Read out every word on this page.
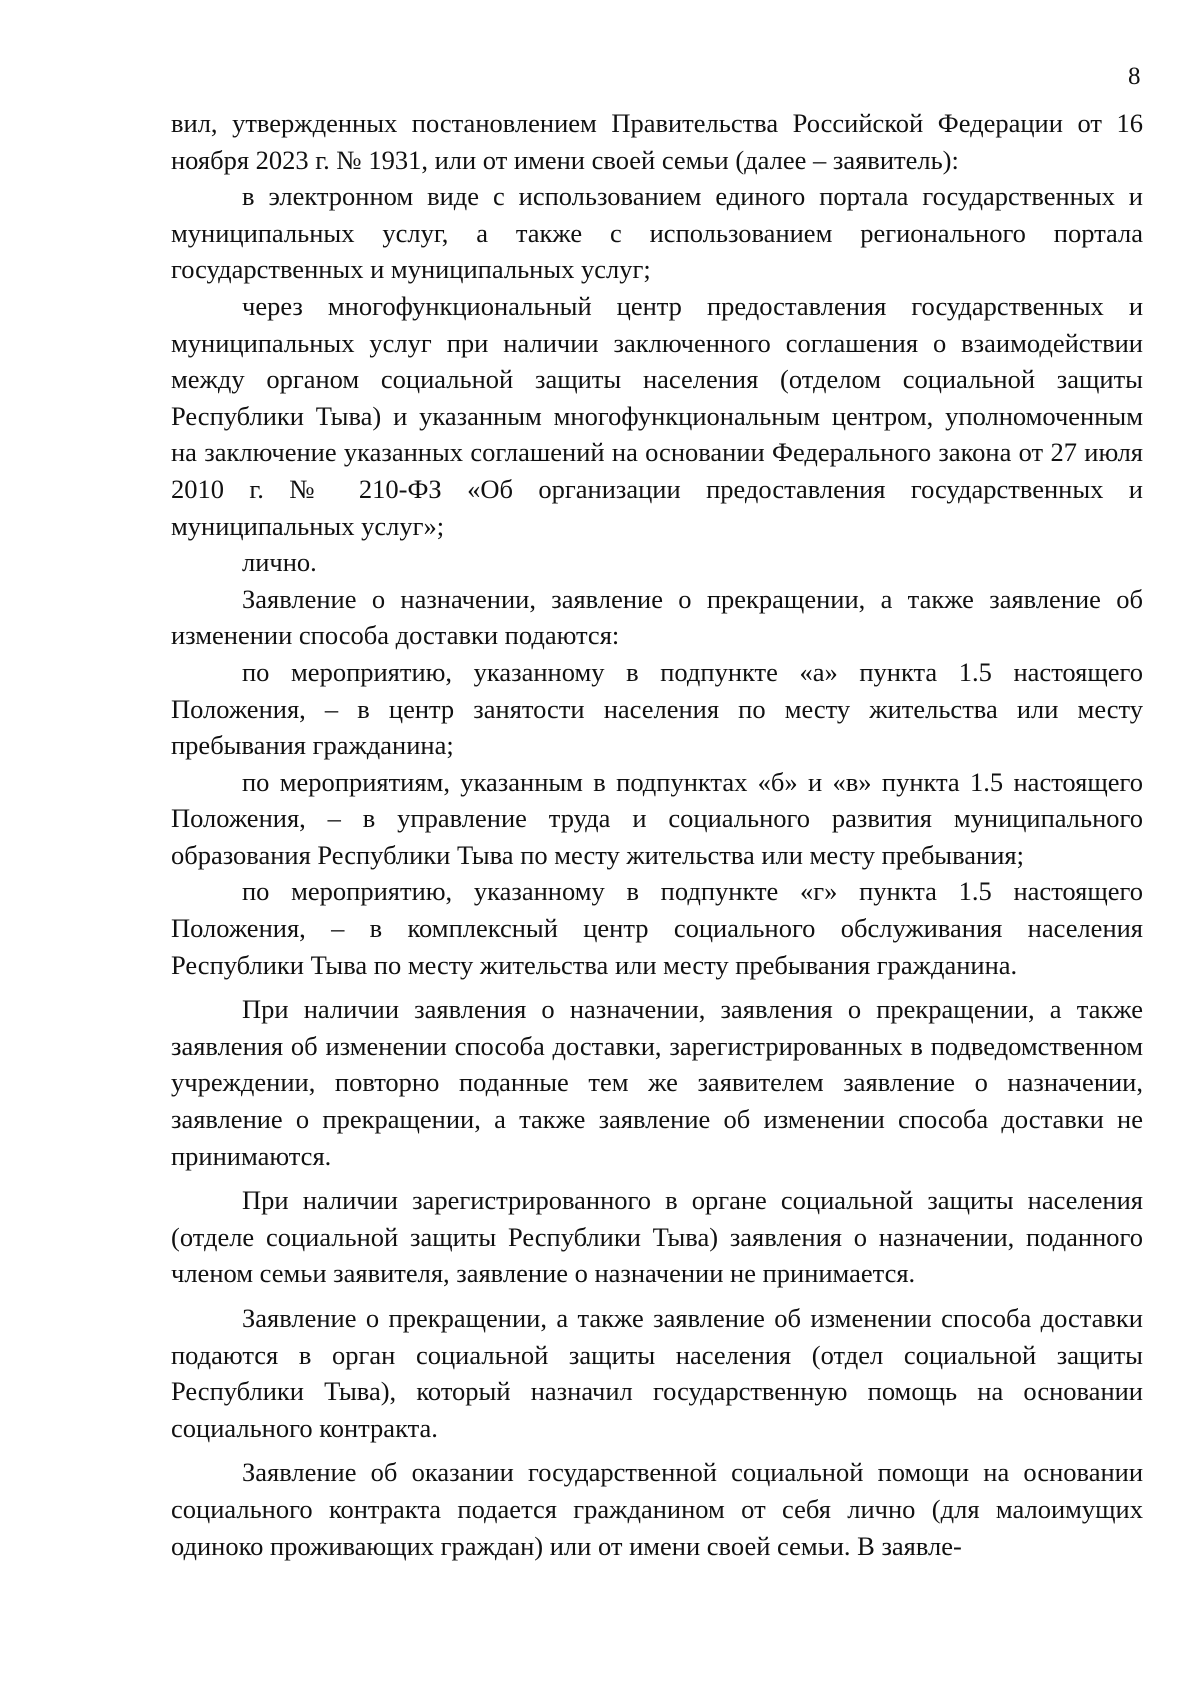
8

вил, утвержденных постановлением Правительства Российской Федерации от 16 ноября 2023 г. № 1931, или от имени своей семьи (далее – заявитель):

в электронном виде с использованием единого портала государственных и муниципальных услуг, а также с использованием регионального портала государственных и муниципальных услуг;

через многофункциональный центр предоставления государственных и муниципальных услуг при наличии заключенного соглашения о взаимодействии между органом социальной защиты населения (отделом социальной защиты Республики Тыва) и указанным многофункциональным центром, уполномоченным на заключение указанных соглашений на основании Федерального закона от 27 июля 2010 г. № 210-ФЗ «Об организации предоставления государственных и муниципальных услуг»;

лично.

Заявление о назначении, заявление о прекращении, а также заявление об изменении способа доставки подаются:

по мероприятию, указанному в подпункте «а» пункта 1.5 настоящего Положения, – в центр занятости населения по месту жительства или месту пребывания гражданина;

по мероприятиям, указанным в подпунктах «б» и «в» пункта 1.5 настоящего Положения, – в управление труда и социального развития муниципального образования Республики Тыва по месту жительства или месту пребывания;

по мероприятию, указанному в подпункте «г» пункта 1.5 настоящего Положения, – в комплексный центр социального обслуживания населения Республики Тыва по месту жительства или месту пребывания гражданина.

При наличии заявления о назначении, заявления о прекращении, а также заявления об изменении способа доставки, зарегистрированных в подведомственном учреждении, повторно поданные тем же заявителем заявление о назначении, заявление о прекращении, а также заявление об изменении способа доставки не принимаются.

При наличии зарегистрированного в органе социальной защиты населения (отделе социальной защиты Республики Тыва) заявления о назначении, поданного членом семьи заявителя, заявление о назначении не принимается.

Заявление о прекращении, а также заявление об изменении способа доставки подаются в орган социальной защиты населения (отдел социальной защиты Республики Тыва), который назначил государственную помощь на основании социального контракта.

Заявление об оказании государственной социальной помощи на основании социального контракта подается гражданином от себя лично (для малоимущих одиноко проживающих граждан) или от имени своей семьи. В заявле-
